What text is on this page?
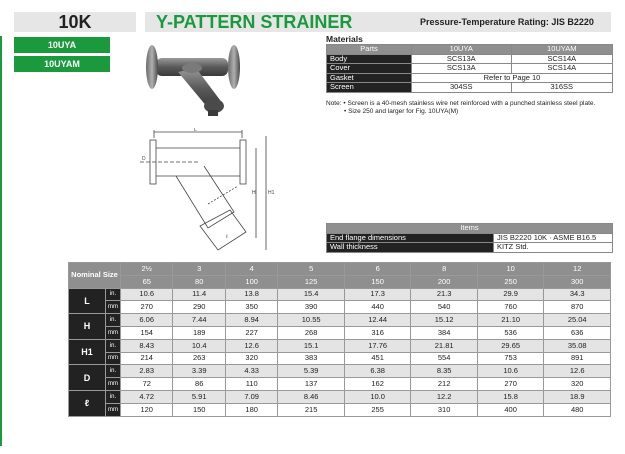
10K	Y-PATTERN STRAINER	Pressure-Temperature Rating: JIS B2220
10UYA
10UYAM
L
H H1
D
ℓ
Materials
Parts	10UYA	10UYAM
Body	SCS13A	SCS14A
Cover	SCS13A	SCS14A
Gasket	Refer to Page 10	
Screen	304SS	316SS
Note: • Screen is a 40-mesh stainless wire net reinforced with a punched stainless steel plate.
• Size 250 and larger for Fig. 10UYA(M)
Items	
End flange dimensions	JIS B2220 10K · ASME B16.5
Wall thickness	KITZ Std.
Nominal Size		2½	3	4	5	6	8	10	12
		65	80	100	125	150	200	250	300
L	in.	10.6	11.4	13.8	15.4	17.3	21.3	29.9	34.3
	mm	270	290	350	390	440	540	760	870
H	in.	6.06	7.44	8.94	10.55	12.44	15.12	21.10	25.04
	mm	154	189	227	268	316	384	536	636
H1	in.	8.43	10.4	12.6	15.1	17.76	21.81	29.65	35.08
	mm	214	263	320	383	451	554	753	891
D	in.	2.83	3.39	4.33	5.39	6.38	8.35	10.6	12.6
	mm	72	86	110	137	162	212	270	320
ℓ	in.	4.72	5.91	7.09	8.46	10.0	12.2	15.8	18.9
	mm	120	150	180	215	255	310	400	480
